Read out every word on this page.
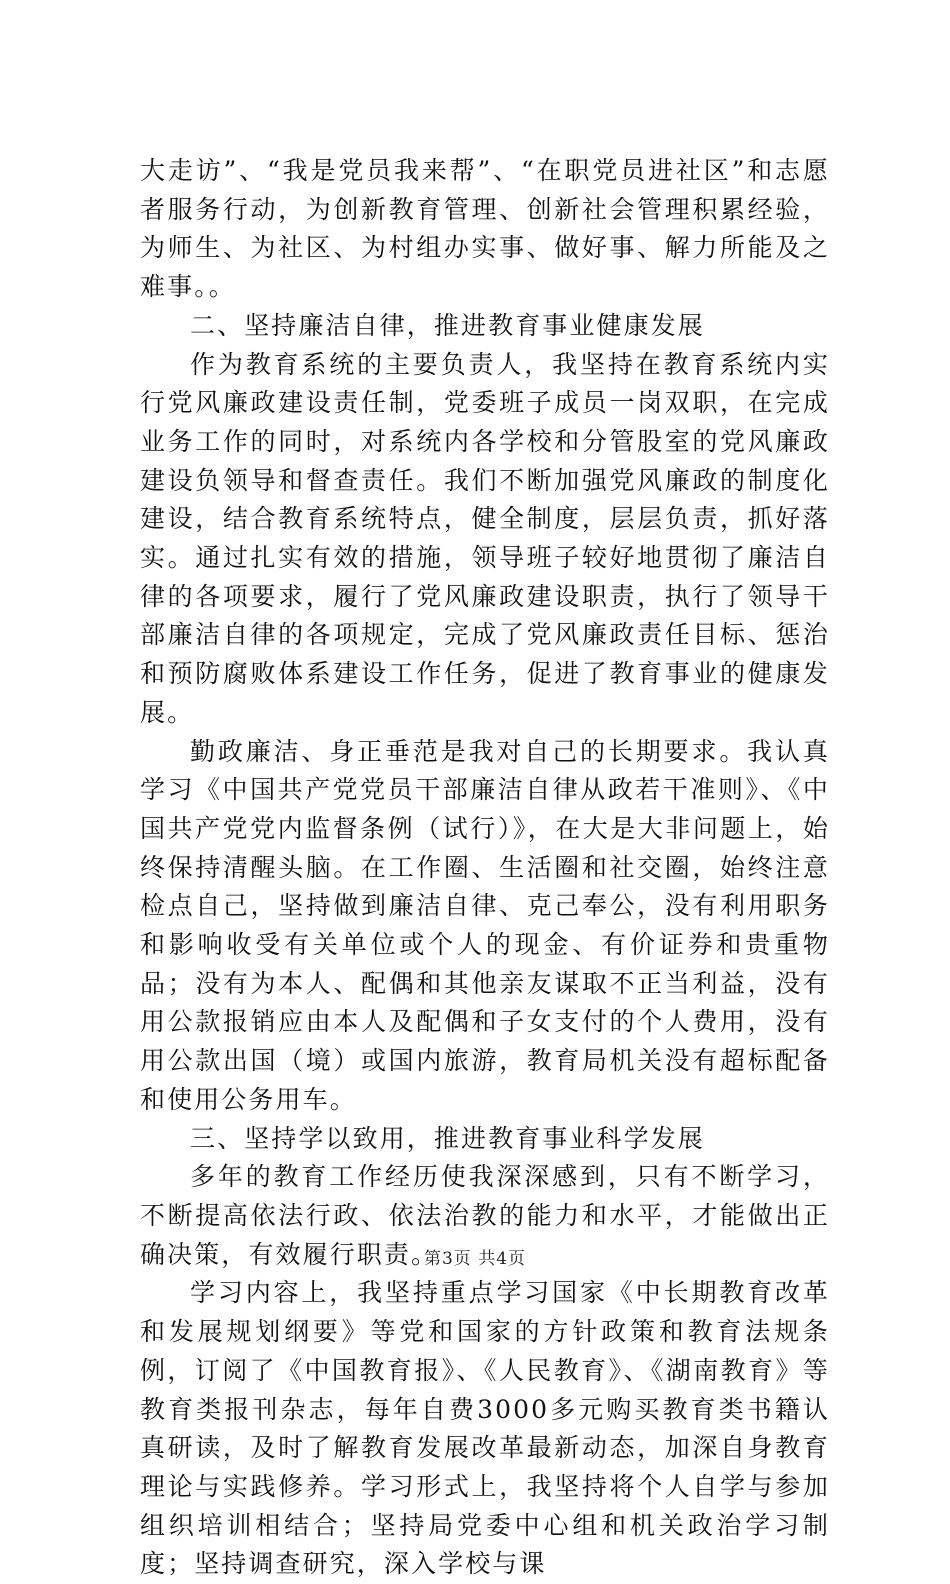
大走访”、“我是党员我来帮”、“在职党员进社区”和志愿者服务行动，为创新教育管理、创新社会管理积累经验，为师生、为社区、为村组办实事、做好事、解力所能及之难事。。

二、坚持廉洁自律，推进教育事业健康发展

作为教育系统的主要负责人，我坚持在教育系统内实行党风廉政建设责任制，党委班子成员一岗双职，在完成业务工作的同时，对系统内各学校和分管股室的党风廉政建设负领导和督查责任。我们不断加强党风廉政的制度化建设，结合教育系统特点，健全制度，层层负责，抓好落实。通过扎实有效的措施，领导班子较好地贯彻了廉洁自律的各项要求，履行了党风廉政建设职责，执行了领导干部廉洁自律的各项规定，完成了党风廉政责任目标、惩治和预防腐败体系建设工作任务，促进了教育事业的健康发展。

勤政廉洁、身正垂范是我对自己的长期要求。我认真学习《中国共产党党员干部廉洁自律从政若干准则》、《中国共产党党内监督条例（试行）》，在大是大非问题上，始终保持清醒头脑。在工作圈、生活圈和社交圈，始终注意检点自己，坚持做到廉洁自律、克己奉公，没有利用职务和影响收受有关单位或个人的现金、有价证券和贵重物品；没有为本人、配偶和其他亲友谋取不正当利益，没有用公款报销应由本人及配偶和子女支付的个人费用，没有用公款出国（境）或国内旅游，教育局机关没有超标配备和使用公务用车。

三、坚持学以致用，推进教育事业科学发展

多年的教育工作经历使我深深感到，只有不断学习，不断提高依法行政、依法治教的能力和水平，才能做出正确决策，有效履行职责。

学习内容上，我坚持重点学习国家《中长期教育改革和发展规划纲要》等党和国家的方针政策和教育法规条例，订阅了《中国教育报》、《人民教育》、《湖南教育》等教育类报刊杂志，每年自费3000多元购买教育类书籍认真研读，及时了解教育发展改革最新动态，加深自身教育理论与实践修养。学习形式上，我坚持将个人自学与参加组织培训相结合；坚持局党委中心组和机关政治学习制度；坚持调查研究，深入学校与课

第3页 共4页
